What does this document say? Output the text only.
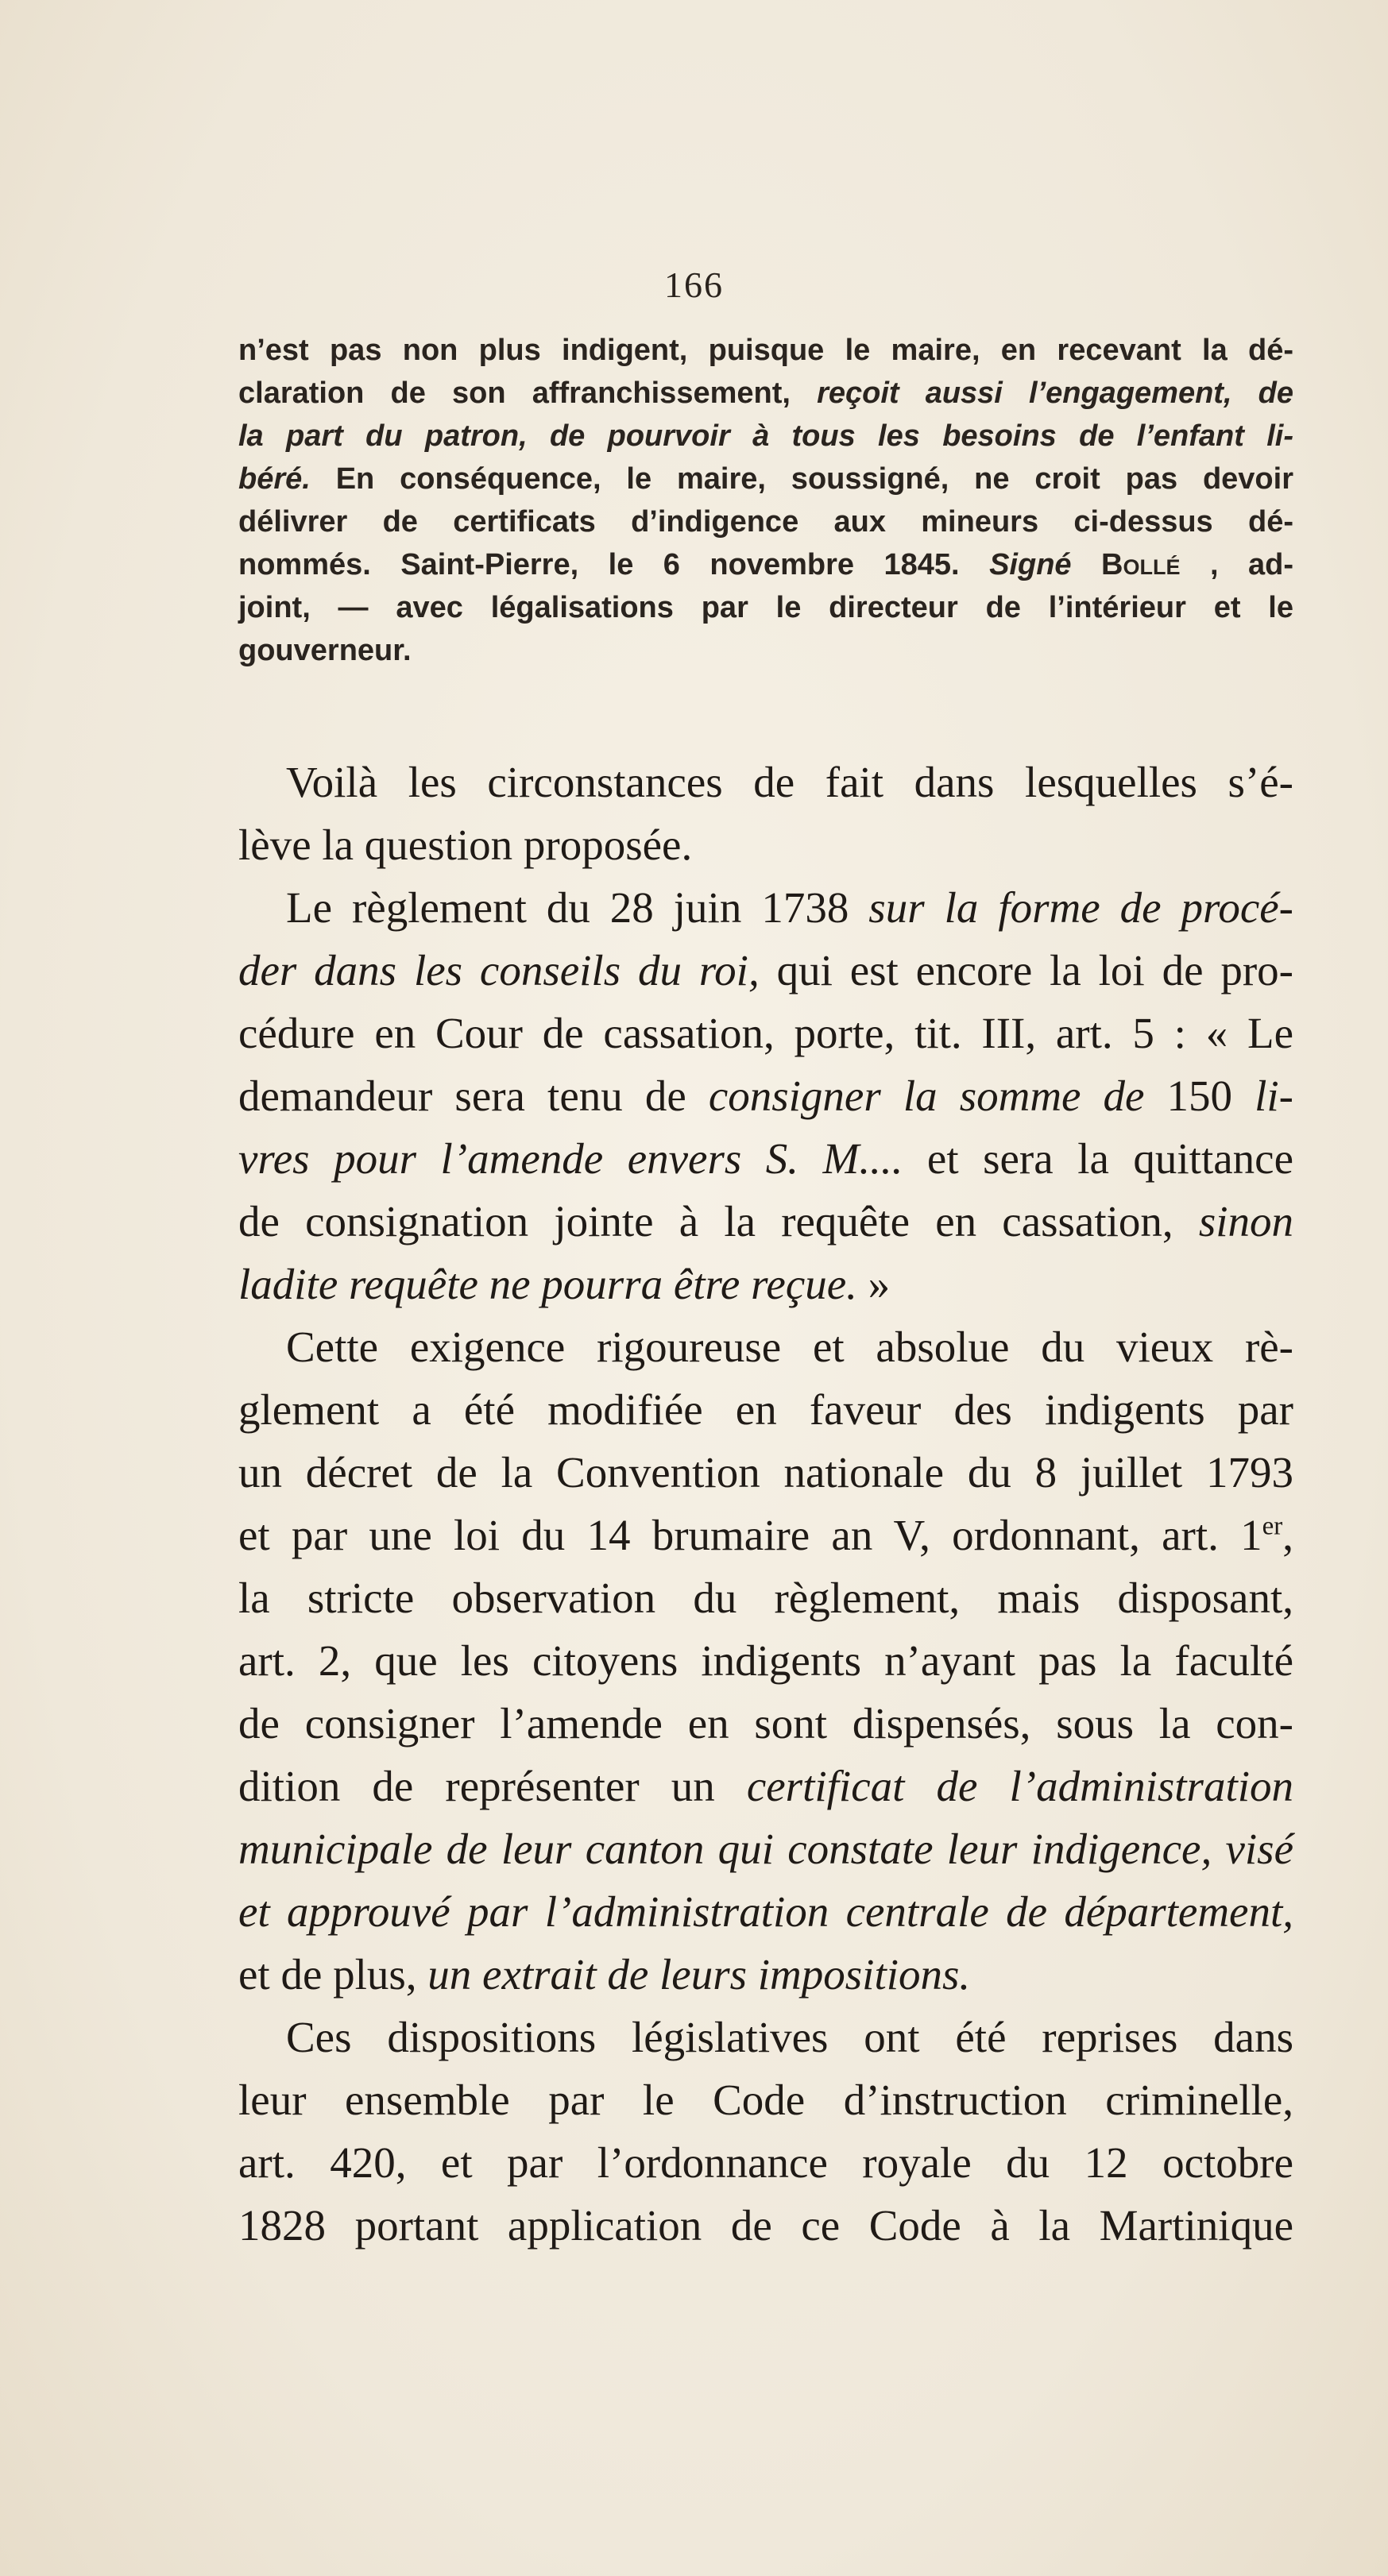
166
n’est pas non plus indigent, puisque le maire, en recevant la dé-
claration de son affranchissement, reçoit aussi l’engagement, de
la part du patron, de pourvoir à tous les besoins de l’enfant li-
béré. En conséquence, le maire, soussigné, ne croit pas devoir
délivrer de certificats d’indigence aux mineurs ci-dessus dé-
nommés. Saint-Pierre, le 6 novembre 1845. Signé Bollé , ad-
joint, — avec légalisations par le directeur de l’intérieur et le
gouverneur.
Voilà les circonstances de fait dans lesquelles s’é-
lève la question proposée.
Le règlement du 28 juin 1738 sur la forme de procé-
der dans les conseils du roi, qui est encore la loi de pro-
cédure en Cour de cassation, porte, tit. III, art. 5 : « Le
demandeur sera tenu de consigner la somme de 150 li-
vres pour l’amende envers S. M.... et sera la quittance
de consignation jointe à la requête en cassation, sinon
ladite requête ne pourra être reçue. »
Cette exigence rigoureuse et absolue du vieux rè-
glement a été modifiée en faveur des indigents par
un décret de la Convention nationale du 8 juillet 1793
et par une loi du 14 brumaire an V, ordonnant, art. 1er,
la stricte observation du règlement, mais disposant,
art. 2, que les citoyens indigents n’ayant pas la faculté
de consigner l’amende en sont dispensés, sous la con-
dition de représenter un certificat de l’administration
municipale de leur canton qui constate leur indigence, visé
et approuvé par l’administration centrale de département,
et de plus, un extrait de leurs impositions.
Ces dispositions législatives ont été reprises dans
leur ensemble par le Code d’instruction criminelle,
art. 420, et par l’ordonnance royale du 12 octobre
1828 portant application de ce Code à la Martinique
